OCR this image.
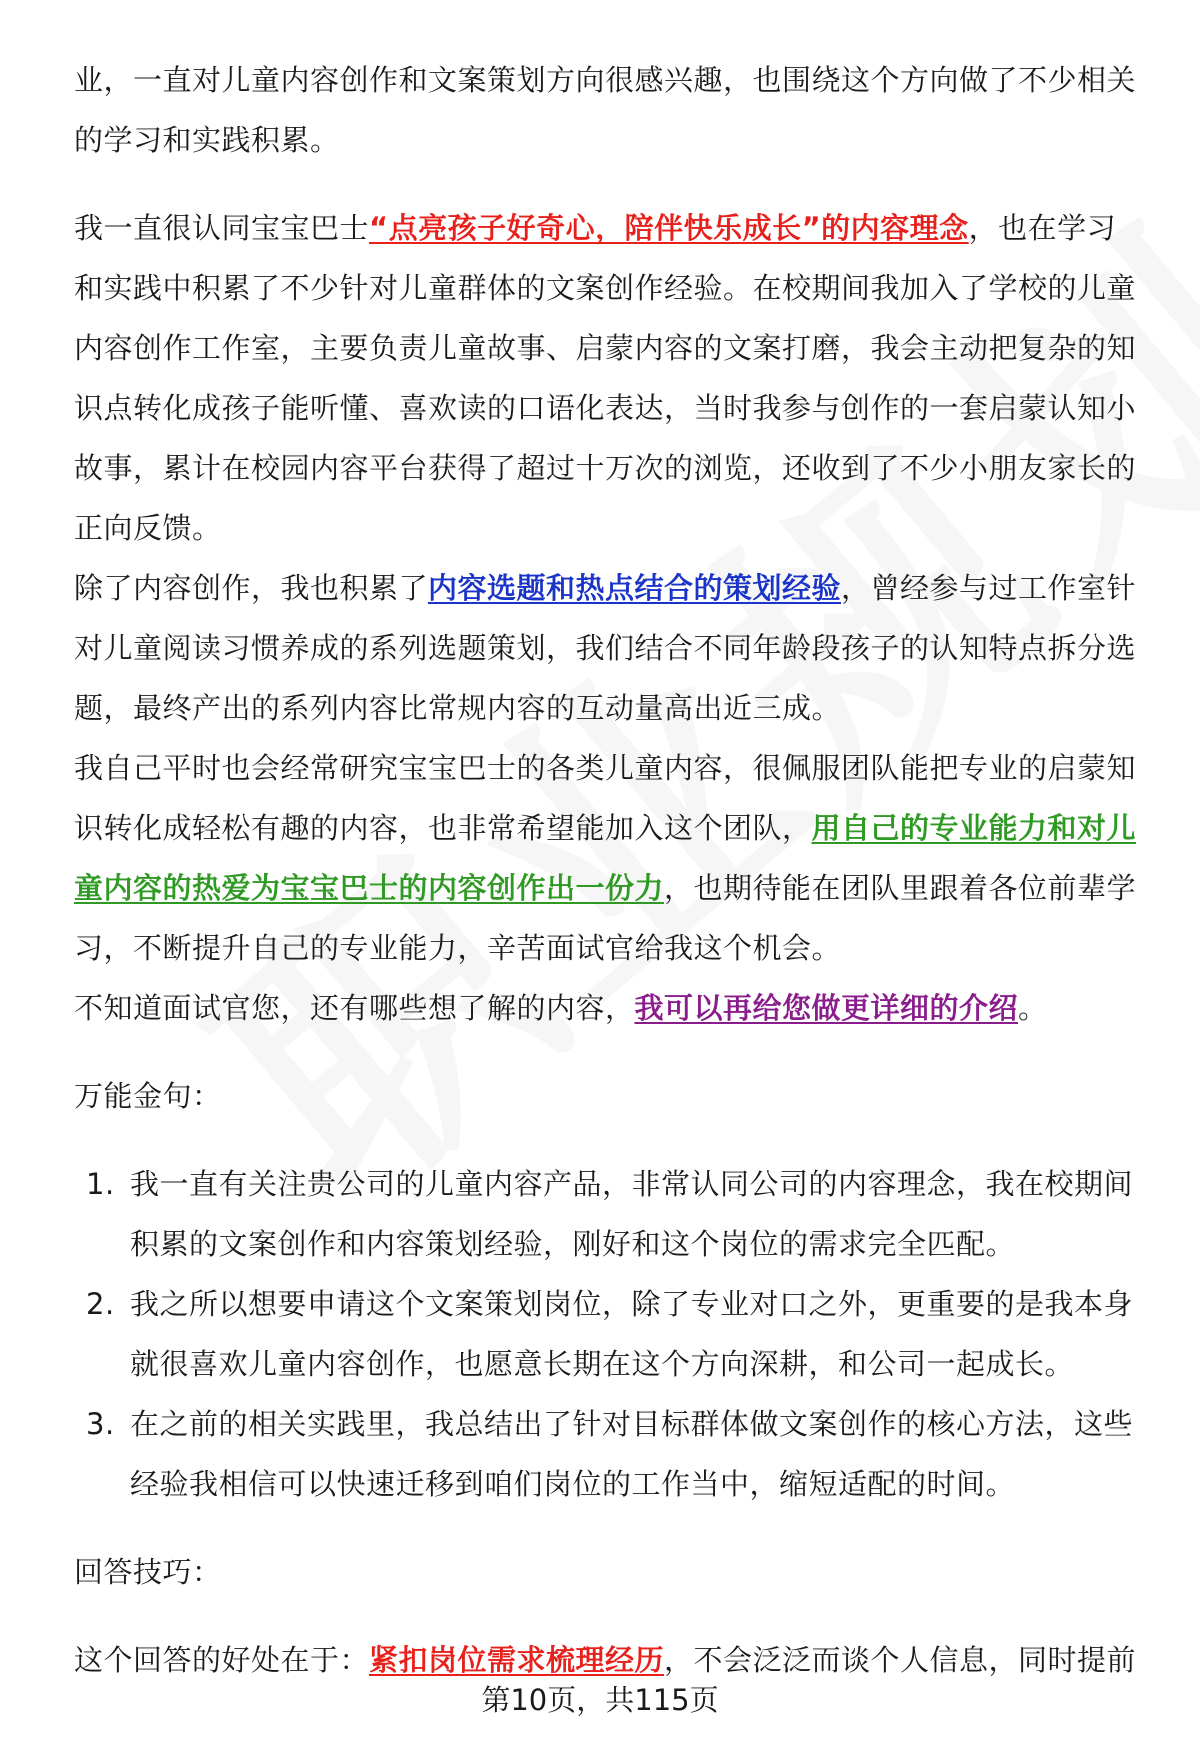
业，一直对儿童内容创作和文案策划方向很感兴趣，也围绕这个方向做了不少相关的学习和实践积累。

我一直很认同宝宝巴士“点亮孩子好奇心，陪伴快乐成长”的内容理念，也在学习和实践中积累了不少针对儿童群体的文案创作经验。在校期间我加入了学校的儿童内容创作工作室，主要负责儿童故事、启蒙内容的文案打磨，我会主动把复杂的知识点转化成孩子能听懂、喜欢读的口语化表达，当时我参与创作的一套启蒙认知小故事，累计在校园内容平台获得了超过十万次的浏览，还收到了不少小朋友家长的正向反馈。

除了内容创作，我也积累了内容选题和热点结合的策划经验，曾经参与过工作室针对儿童阅读习惯养成的系列选题策划，我们结合不同年龄段孩子的认知特点拆分选题，最终产出的系列内容比常规内容的互动量高出近三成。

我自己平时也会经常研究宝宝巴士的各类儿童内容，很佩服团队能把专业的启蒙知识转化成轻松有趣的内容，也非常希望能加入这个团队，用自己的专业能力和对儿童内容的热爱为宝宝巴士的内容创作出一份力，也期待能在团队里跟着各位前辈学习，不断提升自己的专业能力，辛苦面试官给我这个机会。

不知道面试官您，还有哪些想了解的内容，我可以再给您做更详细的介绍。

万能金句：

1. 我一直有关注贵公司的儿童内容产品，非常认同公司的内容理念，我在校期间积累的文案创作和内容策划经验，刚好和这个岗位的需求完全匹配。
2. 我之所以想要申请这个文案策划岗位，除了专业对口之外，更重要的是我本身就很喜欢儿童内容创作，也愿意长期在这个方向深耕，和公司一起成长。
3. 在之前的相关实践里，我总结出了针对目标群体做文案创作的核心方法，这些经验我相信可以快速迁移到咱们岗位的工作当中，缩短适配的时间。

回答技巧：

这个回答的好处在于：紧扣岗位需求梳理经历，不会泛泛而谈个人信息，同时提前

第10页，共115页
